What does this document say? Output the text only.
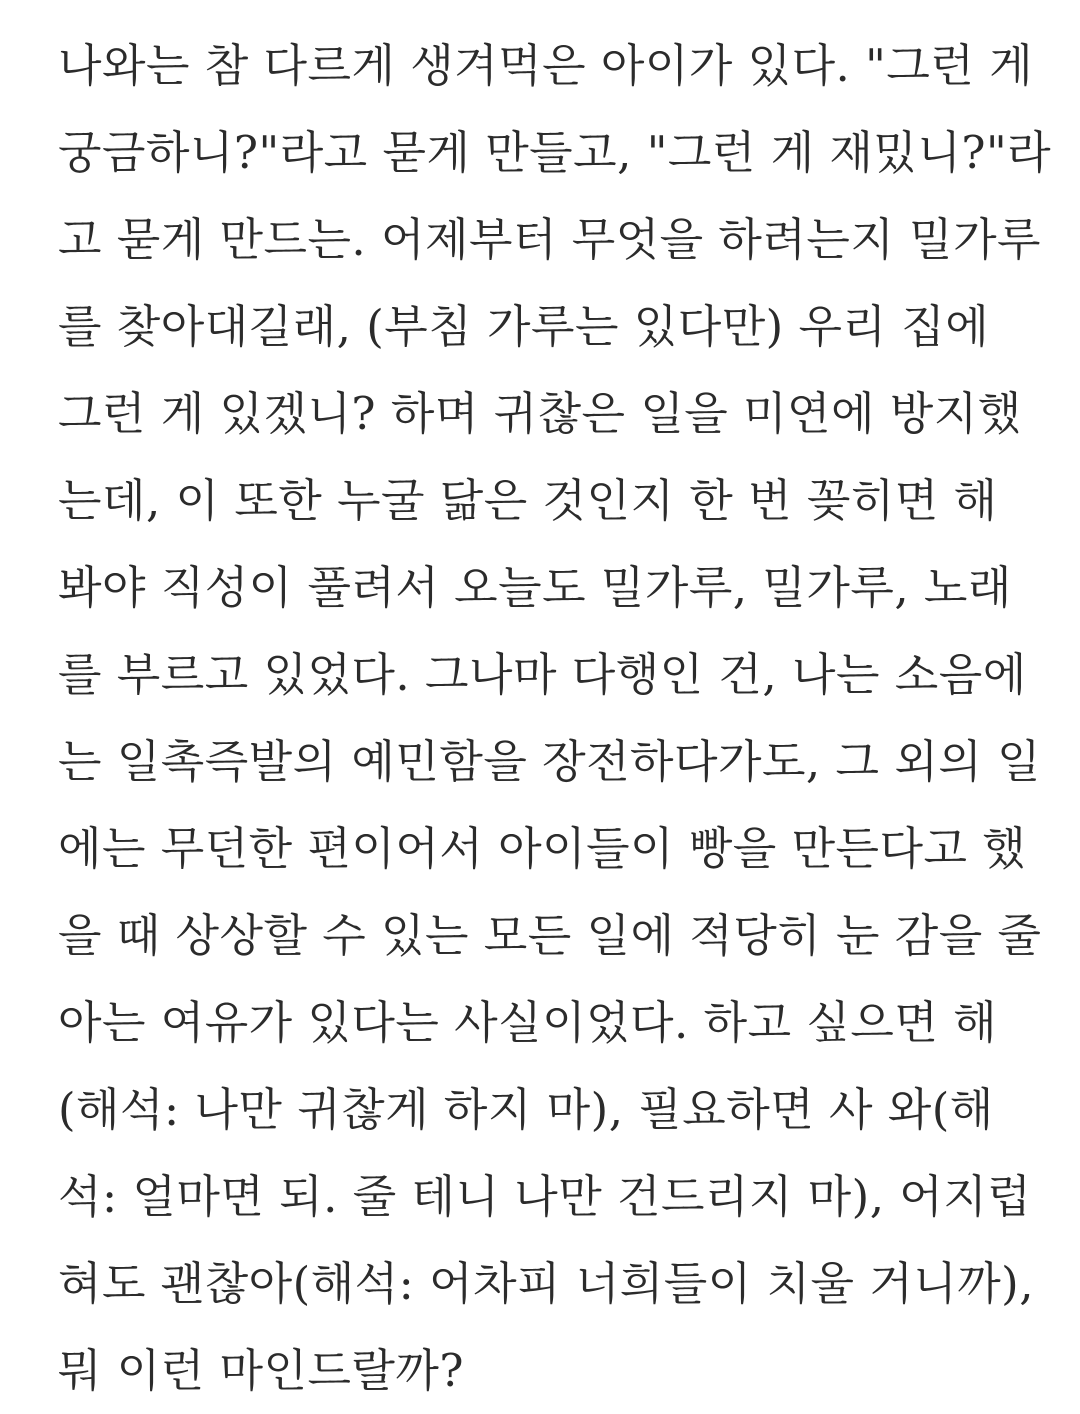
나와는 참 다르게 생겨먹은 아이가 있다. "그런 게
궁금하니?"라고 묻게 만들고, "그런 게 재밌니?"라
고 묻게 만드는. 어제부터 무엇을 하려는지 밀가루
를 찾아대길래, (부침 가루는 있다만) 우리 집에
그런 게 있겠니? 하며 귀찮은 일을 미연에 방지했
는데, 이 또한 누굴 닮은 것인지 한 번 꽂히면 해
봐야 직성이 풀려서 오늘도 밀가루, 밀가루, 노래
를 부르고 있었다. 그나마 다행인 건, 나는 소음에
는 일촉즉발의 예민함을 장전하다가도, 그 외의 일
에는 무던한 편이어서 아이들이 빵을 만든다고 했
을 때 상상할 수 있는 모든 일에 적당히 눈 감을 줄
아는 여유가 있다는 사실이었다. 하고 싶으면 해
(해석: 나만 귀찮게 하지 마), 필요하면 사 와(해
석: 얼마면 되. 줄 테니 나만 건드리지 마), 어지럽
혀도 괜찮아(해석: 어차피 너희들이 치울 거니까),
뭐 이런 마인드랄까?
